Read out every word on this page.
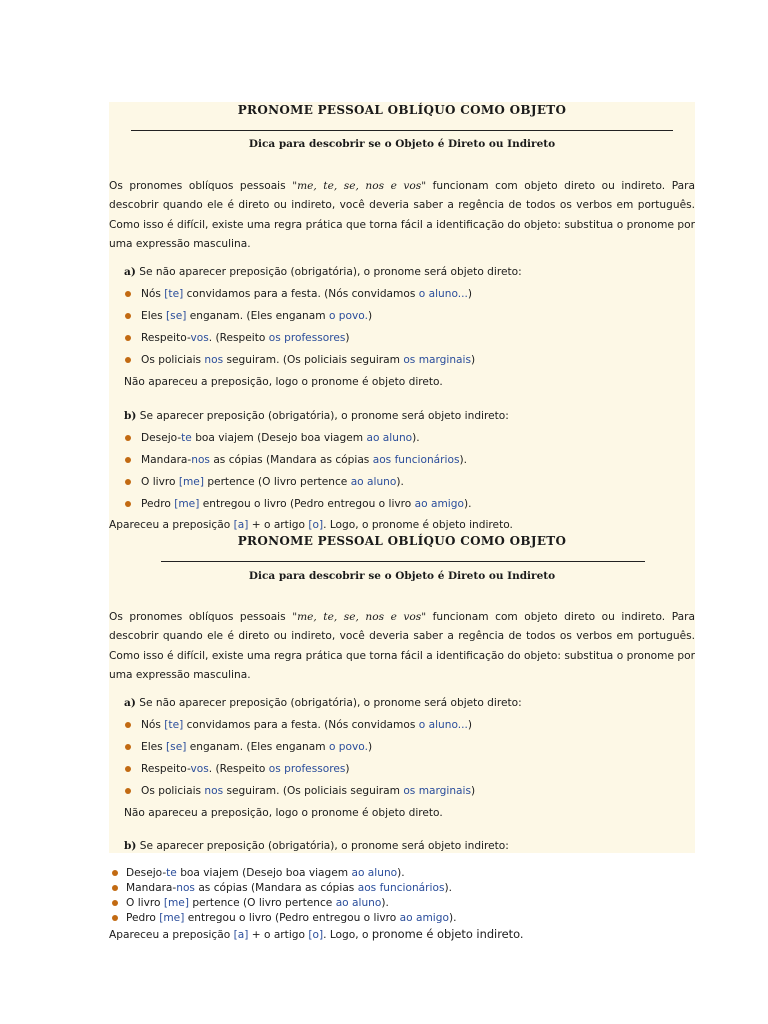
PRONOME PESSOAL OBLÍQUO COMO OBJETO
Dica para descobrir se o Objeto é Direto ou Indireto
Os pronomes oblíquos pessoais "me, te, se, nos e vos" funcionam com objeto direto ou indireto. Para descobrir quando ele é direto ou indireto, você deveria saber a regência de todos os verbos em português. Como isso é difícil, existe uma regra prática que torna fácil a identificação do objeto: substitua o pronome por uma expressão masculina.
a) Se não aparecer preposição (obrigatória), o pronome será objeto direto:
Nós [te] convidamos para a festa. (Nós convidamos o aluno...)
Eles [se] enganam. (Eles enganam o povo.)
Respeito-vos. (Respeito os professores)
Os policiais nos seguiram. (Os policiais seguiram os marginais)
Não apareceu a preposição, logo o pronome é objeto direto.
b) Se aparecer preposição (obrigatória), o pronome será objeto indireto:
Desejo-te boa viajem (Desejo boa viagem ao aluno).
Mandara-nos as cópias (Mandara as cópias aos funcionários).
O livro [me] pertence (O livro pertence ao aluno).
Pedro [me] entregou o livro (Pedro entregou o livro ao amigo).
Apareceu a preposição [a] + o artigo [o]. Logo, o pronome é objeto indireto.
PRONOME PESSOAL OBLÍQUO COMO OBJETO
Dica para descobrir se o Objeto é Direto ou Indireto
Os pronomes oblíquos pessoais "me, te, se, nos e vos" funcionam com objeto direto ou indireto. Para descobrir quando ele é direto ou indireto, você deveria saber a regência de todos os verbos em português. Como isso é difícil, existe uma regra prática que torna fácil a identificação do objeto: substitua o pronome por uma expressão masculina.
a) Se não aparecer preposição (obrigatória), o pronome será objeto direto:
Nós [te] convidamos para a festa. (Nós convidamos o aluno...)
Eles [se] enganam. (Eles enganam o povo.)
Respeito-vos. (Respeito os professores)
Os policiais nos seguiram. (Os policiais seguiram os marginais)
Não apareceu a preposição, logo o pronome é objeto direto.
b) Se aparecer preposição (obrigatória), o pronome será objeto indireto:
Desejo-te boa viajem (Desejo boa viagem ao aluno).
Mandara-nos as cópias (Mandara as cópias aos funcionários).
O livro [me] pertence (O livro pertence ao aluno).
Pedro [me] entregou o livro (Pedro entregou o livro ao amigo).
Apareceu a preposição [a] + o artigo [o]. Logo, o pronome é objeto indireto.
